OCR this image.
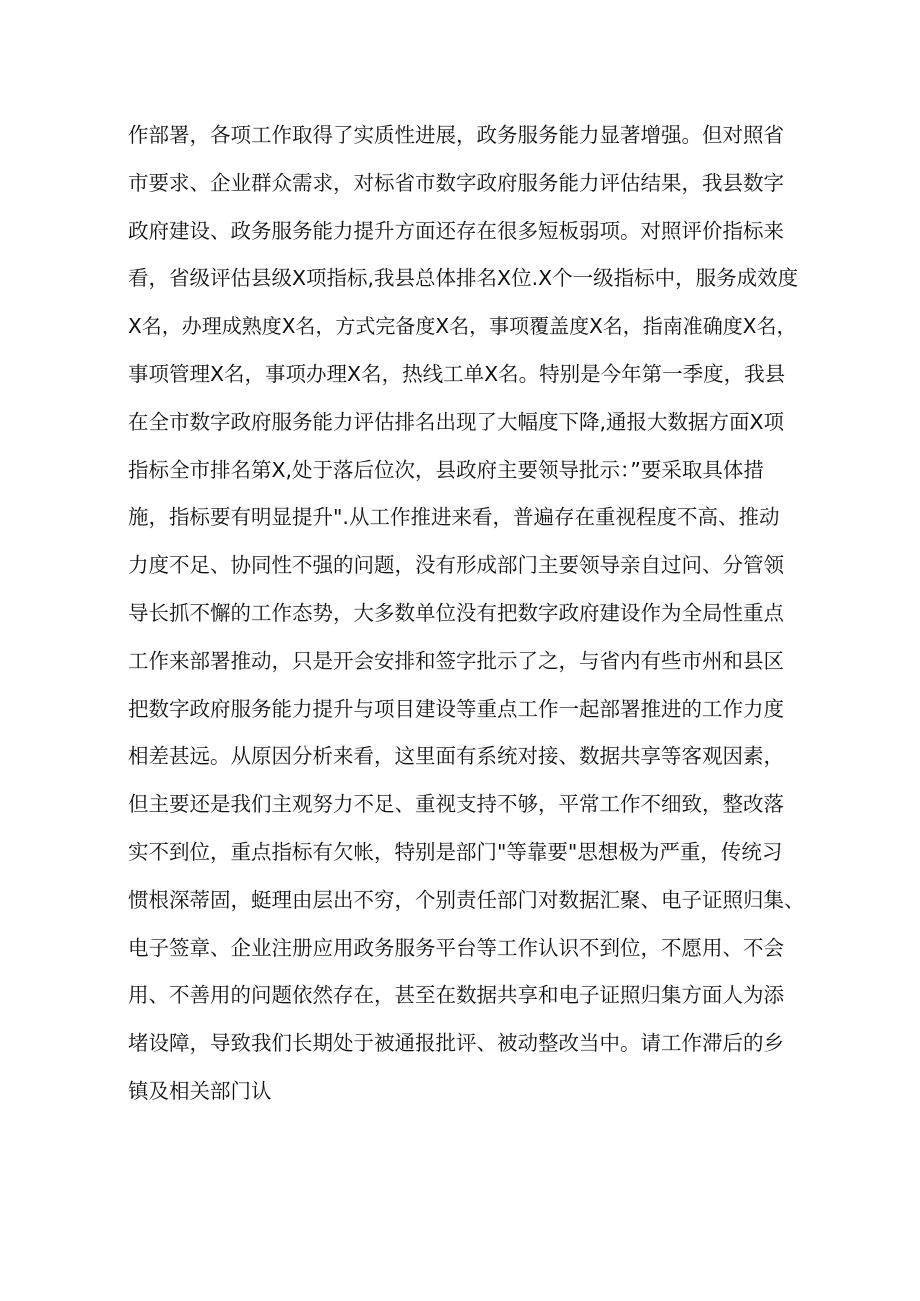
作部署，各项工作取得了实质性进展，政务服务能力显著增强。但对照省
市要求、企业群众需求，对标省市数字政府服务能力评估结果，我县数字
政府建设、政务服务能力提升方面还存在很多短板弱项。对照评价指标来
看，省级评估县级X项指标,我县总体排名X位.X个一级指标中，服务成效度
X名，办理成熟度X名，方式完备度X名，事项覆盖度X名，指南准确度X名，
事项管理X名，事项办理X名，热线工单X名。特别是今年第一季度，我县
在全市数字政府服务能力评估排名出现了大幅度下降,通报大数据方面X项
指标全市排名第X,处于落后位次，县政府主要领导批示：”要采取具体措
施，指标要有明显提升".从工作推进来看，普遍存在重视程度不高、推动
力度不足、协同性不强的问题，没有形成部门主要领导亲自过问、分管领
导长抓不懈的工作态势，大多数单位没有把数字政府建设作为全局性重点
工作来部署推动，只是开会安排和签字批示了之，与省内有些市州和县区
把数字政府服务能力提升与项目建设等重点工作一起部署推进的工作力度
相差甚远。从原因分析来看，这里面有系统对接、数据共享等客观因素，
但主要还是我们主观努力不足、重视支持不够，平常工作不细致，整改落
实不到位，重点指标有欠帐，特别是部门"等靠要"思想极为严重，传统习
惯根深蒂固，蜓理由层出不穷，个别责任部门对数据汇聚、电子证照归集、
电子签章、企业注册应用政务服务平台等工作认识不到位，不愿用、不会
用、不善用的问题依然存在，甚至在数据共享和电子证照归集方面人为添
堵设障，导致我们长期处于被通报批评、被动整改当中。请工作滞后的乡
镇及相关部门认
